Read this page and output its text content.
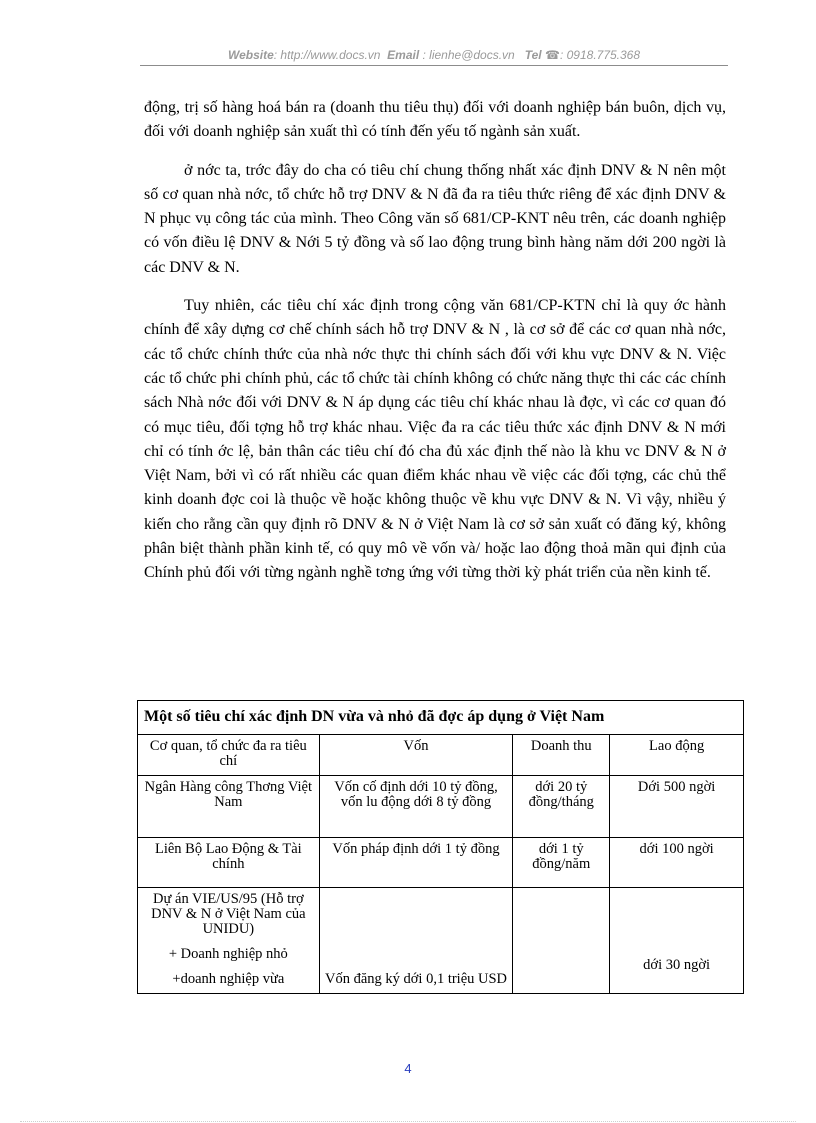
Website: http://www.docs.vn Email : lienhe@docs.vn Tel ☎: 0918.775.368

động, trị số hàng hoá bán ra (doanh thu tiêu thụ) đối với doanh nghiệp bán buôn, dịch vụ, đối với doanh nghiệp sản xuất thì có tính đến yếu tố ngành sản xuất.

ở nớc ta, trớc đây do cha có tiêu chí chung thống nhất xác định DNV & N nên một số cơ quan nhà nớc, tổ chức hỗ trợ DNV & N đã đa ra tiêu thức riêng để xác định DNV & N phục vụ công tác của mình. Theo Công văn số 681/CP-KNT nêu trên, các doanh nghiệp có vốn điều lệ DNV & Nới 5 tỷ đồng và số lao động trung bình hàng năm dới 200 ngời là các DNV & N.

Tuy nhiên, các tiêu chí xác định trong cộng văn 681/CP-KTN chỉ là quy ớc hành chính để xây dựng cơ chế chính sách hỗ trợ DNV & N , là cơ sở để các cơ quan nhà nớc, các tổ chức chính thức của nhà nớc thực thi chính sách đối với khu vực DNV & N. Việc các tổ chức phi chính phủ, các tổ chức tài chính không có chức năng thực thi các các chính sách Nhà nớc đối với DNV & N áp dụng các tiêu chí khác nhau là đợc, vì các cơ quan đó có mục tiêu, đối tợng hỗ trợ khác nhau. Việc đa ra các tiêu thức xác định DNV & N mới chỉ có tính ớc lệ, bản thân các tiêu chí đó cha đủ xác định thế nào là khu vc DNV & N ở Việt Nam, bởi vì có rất nhiều các quan điểm khác nhau về việc các đối tợng, các chủ thể kinh doanh đợc coi là thuộc về hoặc không thuộc về khu vực DNV & N. Vì vậy, nhiều ý kiến cho rằng cần quy định rõ DNV & N ở Việt Nam là cơ sở sản xuất có đăng ký, không phân biệt thành phần kinh tế, có quy mô về vốn và/ hoặc lao động thoả mãn qui định của Chính phủ đối với từng ngành nghề tơng ứng với từng thời kỳ phát triển của nền kinh tế.

Một số tiêu chí xác định DN vừa và nhỏ đã đợc áp dụng ở Việt Nam			
Cơ quan, tổ chức đa ra tiêu chí	Vốn	Doanh thu	Lao động
Ngân Hàng công Thơng Việt Nam	Vốn cố định dới 10 tỷ đồng, vốn lu động dới 8 tỷ đồng	dới 20 tỷ đồng/tháng	Dới 500 ngời
Liên Bộ Lao Động & Tài chính	Vốn pháp định dới 1 tỷ đồng	dới 1 tỷ đồng/năm	dới 100 ngời

Dự án VIE/US/95 (Hỗ trợ DNV & N ở Việt Nam của UNIDU)
+ Doanh nghiệp nhỏ
+doanh nghiệp vừa	Vốn đăng ký dới 0,1 triệu USD		dới 30 ngời
4
